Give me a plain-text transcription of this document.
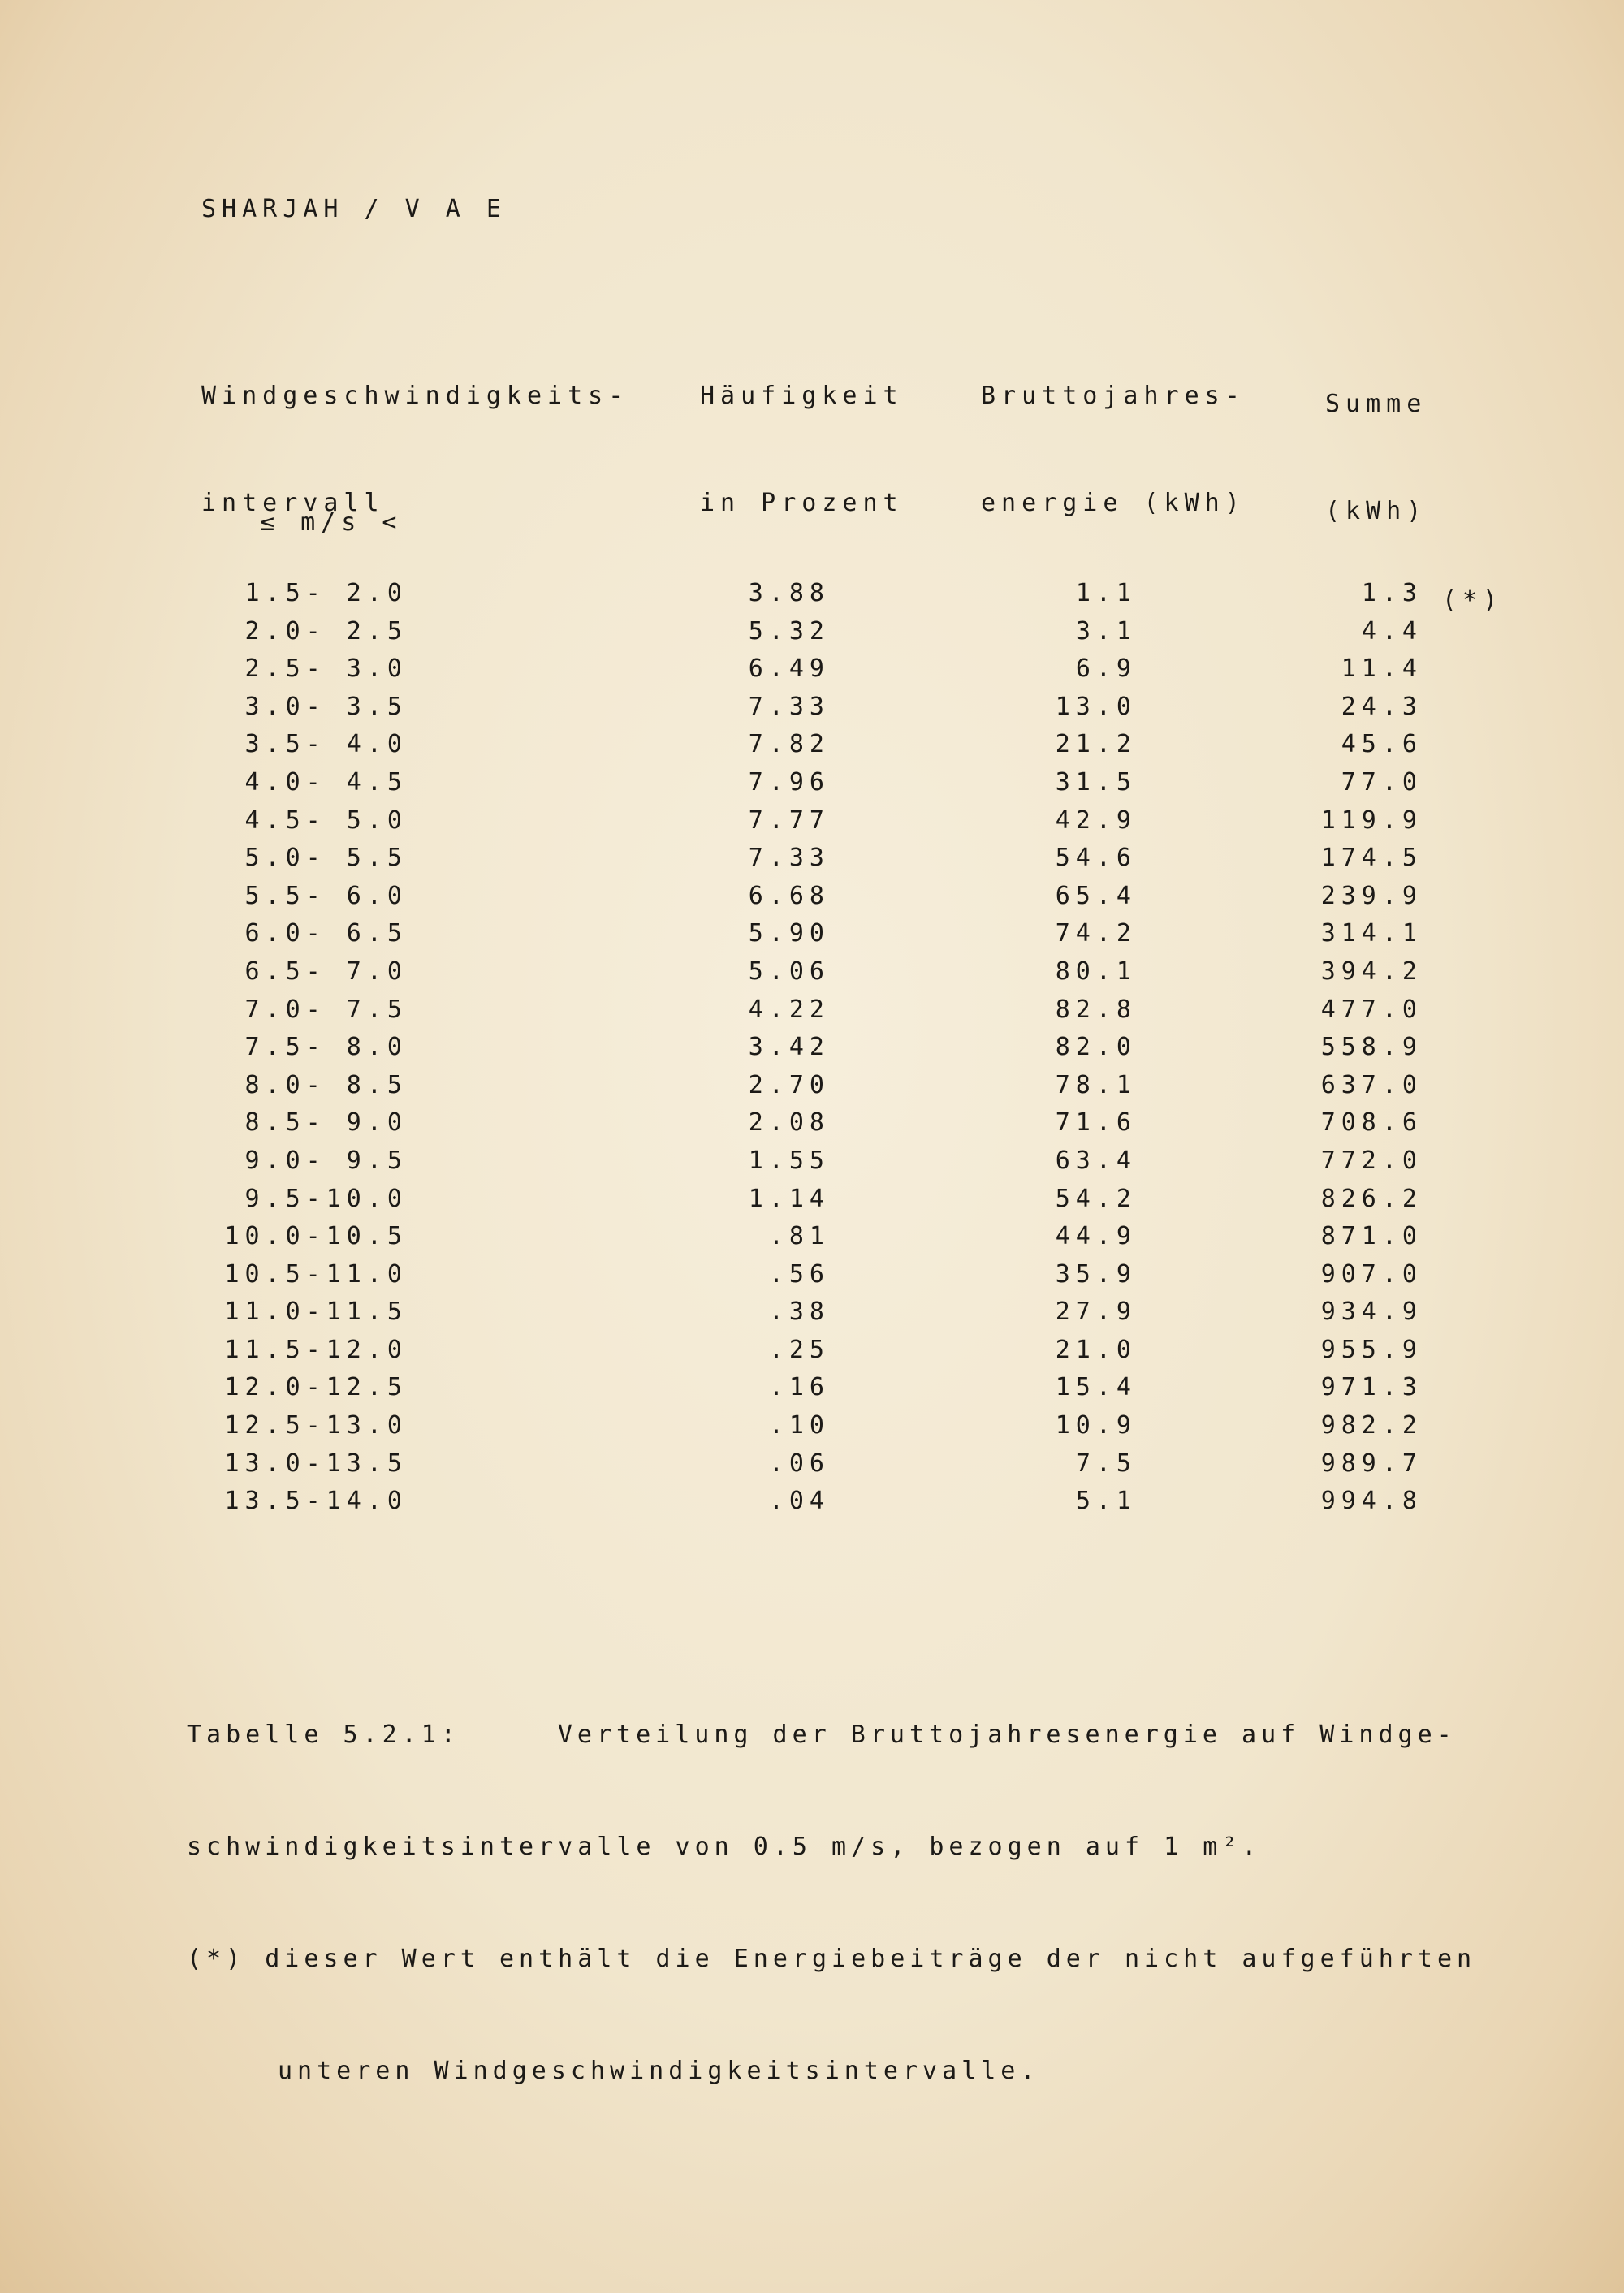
SHARJAH / V A E

Windgeschwindigkeits-

intervall

Häufigkeit

in Prozent

Bruttojahres-

energie (kWh)

Summe

(kWh)

≤ m/s <
1.5- 2.0
2.0- 2.5
2.5- 3.0
3.0- 3.5
3.5- 4.0
4.0- 4.5
4.5- 5.0
5.0- 5.5
5.5- 6.0
6.0- 6.5
6.5- 7.0
7.0- 7.5
7.5- 8.0
8.0- 8.5
8.5- 9.0
9.0- 9.5
9.5-10.0
10.0-10.5
10.5-11.0
11.0-11.5
11.5-12.0
12.0-12.5
12.5-13.0
13.0-13.5
13.5-14.0
3.88
5.32
6.49
7.33
7.82
7.96
7.77
7.33
6.68
5.90
5.06
4.22
3.42
2.70
2.08
1.55
1.14
.81
.56
.38
.25
.16
.10
.06
.04
1.1
3.1
6.9
13.0
21.2
31.5
42.9
54.6
65.4
74.2
80.1
82.8
82.0
78.1
71.6
63.4
54.2
44.9
35.9
27.9
21.0
15.4
10.9
7.5
5.1
1.3
4.4
11.4
24.3
45.6
77.0
119.9
174.5
239.9
314.1
394.2
477.0
558.9
637.0
708.6
772.0
826.2
871.0
907.0
934.9
955.9
971.3
982.2
989.7
994.8
(*)

Tabelle 5.2.1:	Verteilung der Bruttojahresenergie auf Windge-

schwindigkeitsintervalle von 0.5 m/s, bezogen auf 1 m².

(*) dieser Wert enthält die Energiebeiträge der nicht aufgeführten

unteren Windgeschwindigkeitsintervalle.
